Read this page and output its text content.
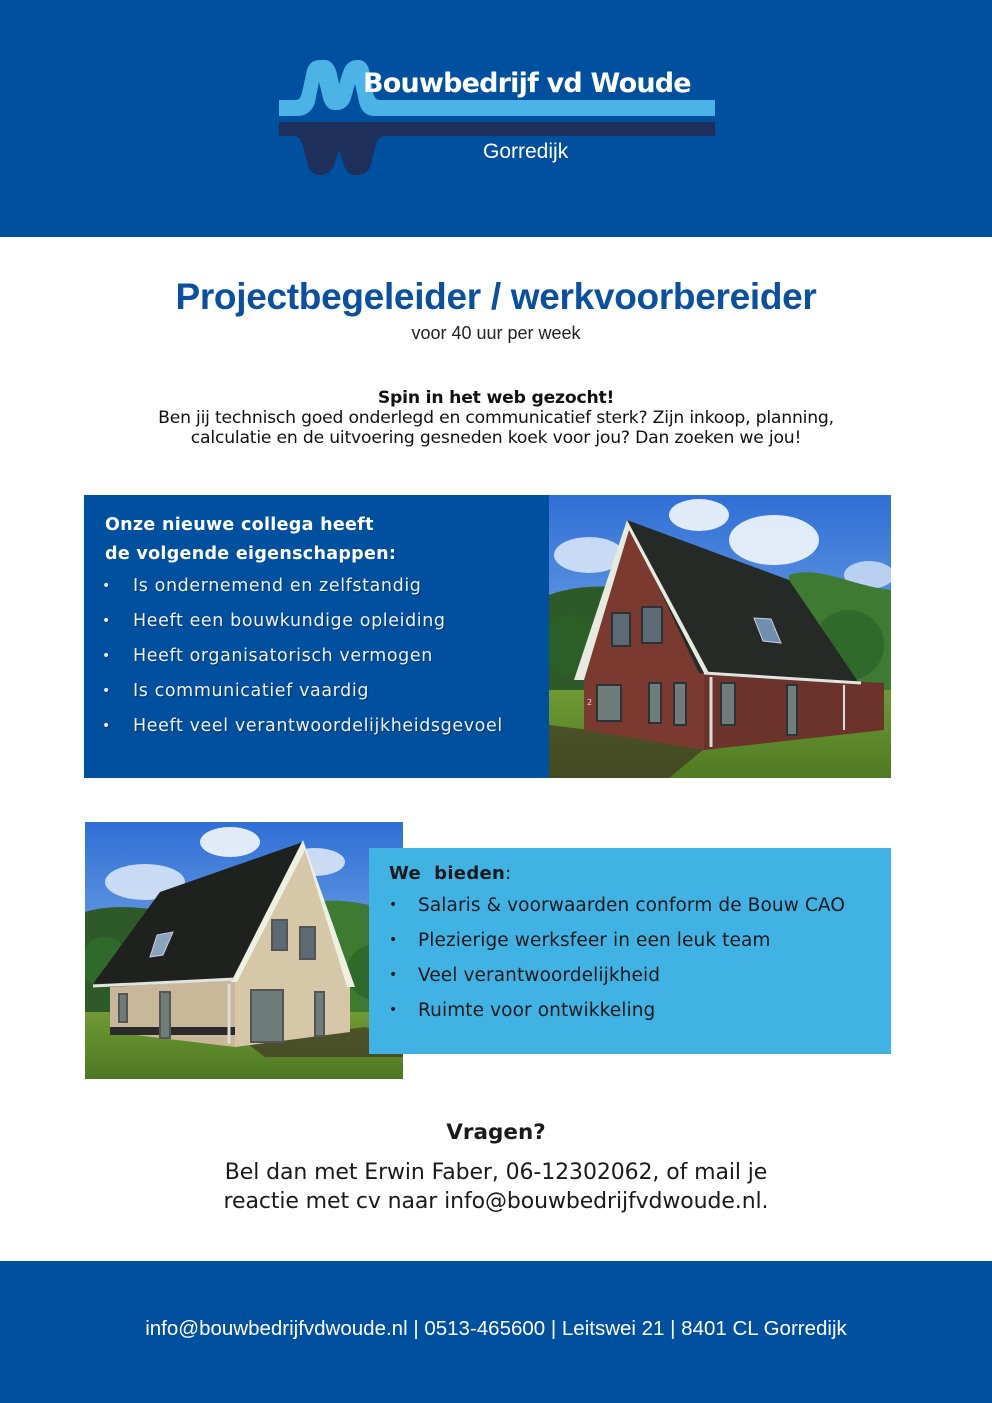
Bouwbedrijf vd Woude
Gorredijk
Projectbegeleider / werkvoorbereider
voor 40 uur per week
Spin in het web gezocht!
Ben jij technisch goed onderlegd en communicatief sterk? Zijn inkoop, planning,
calculatie en de uitvoering gesneden koek voor jou? Dan zoeken we jou!
Onze nieuwe collega heeft
de volgende eigenschappen:
• Is ondernemend en zelfstandig
• Heeft een bouwkundige opleiding
• Heeft organisatorisch vermogen
• Is communicatief vaardig
• Heeft veel verantwoordelijkheidsgevoel
2
We  bieden:
• Salaris & voorwaarden conform de Bouw CAO
• Plezierige werksfeer in een leuk team
• Veel verantwoordelijkheid
• Ruimte voor ontwikkeling
Vragen?
Bel dan met Erwin Faber, 06-12302062, of mail je
reactie met cv naar info@bouwbedrijfvdwoude.nl.
info@bouwbedrijfvdwoude.nl | 0513-465600 | Leitswei 21 | 8401 CL Gorredijk
